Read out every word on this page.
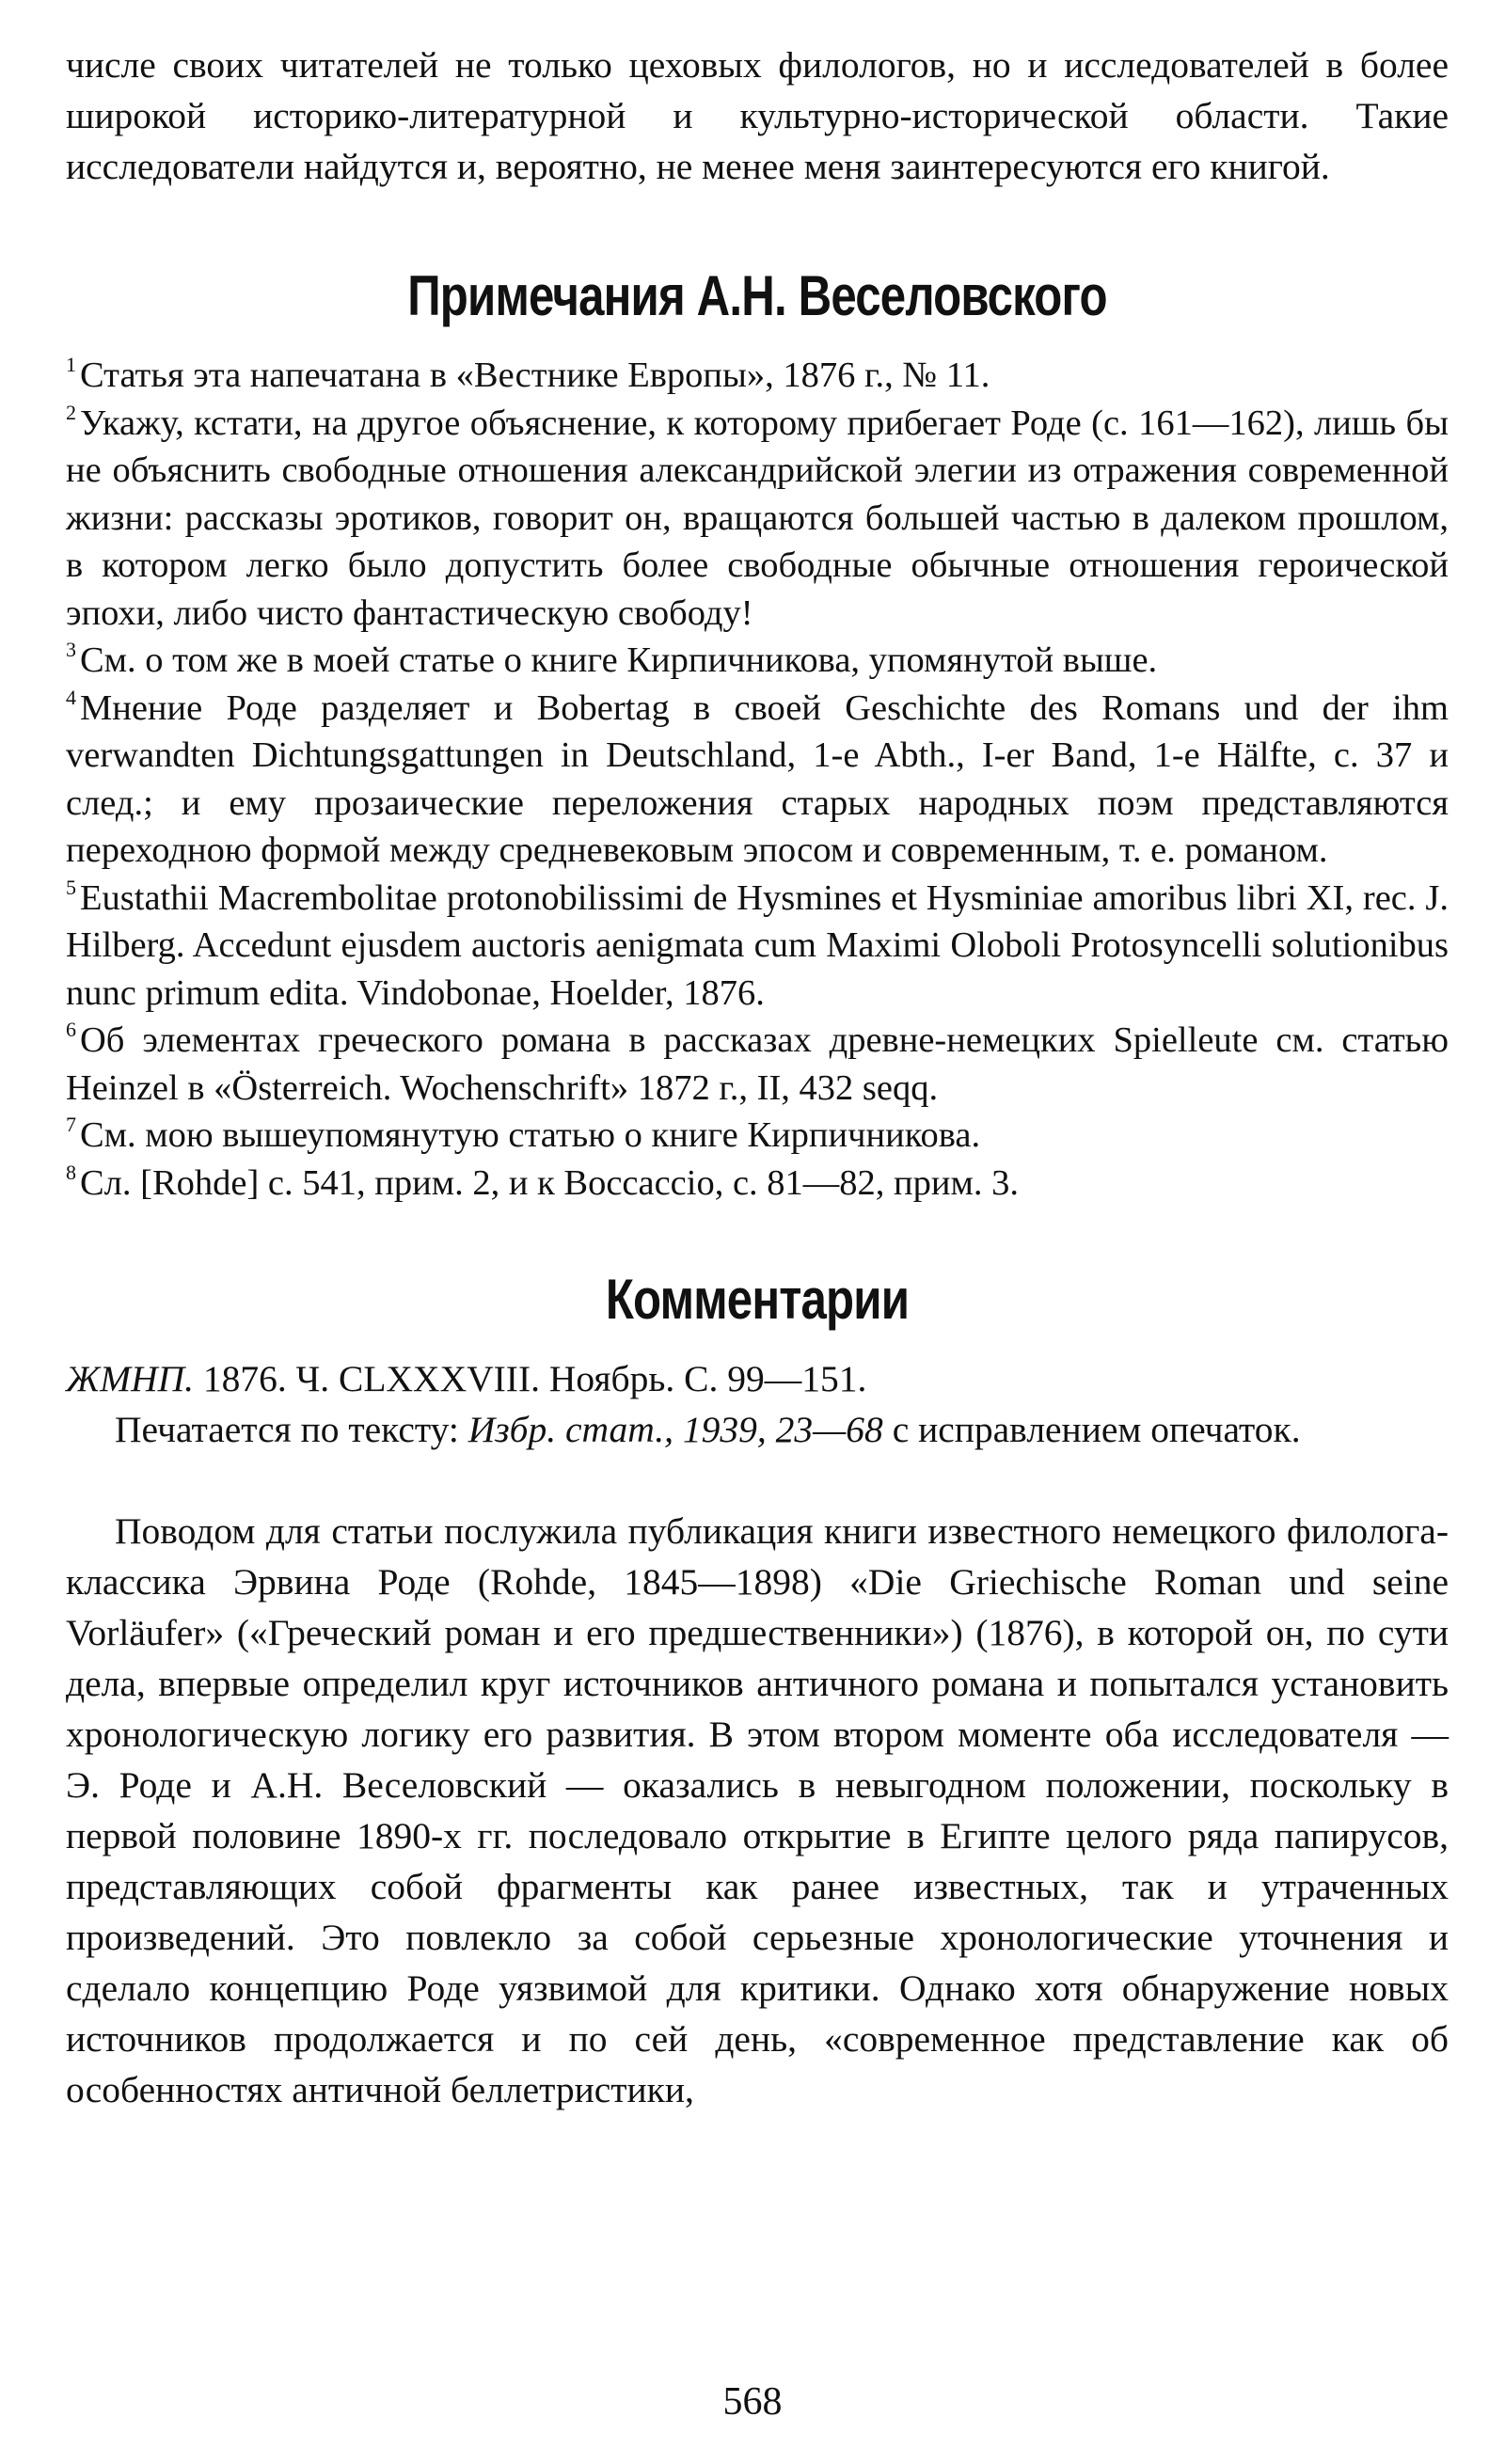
числе своих читателей не только цеховых филологов, но и исследователей в более широкой историко-литературной и культурно-исторической области. Такие исследователи найдутся и, вероятно, не менее меня заинтересуются его книгой.

Примечания А.Н. Веселовского

$^1$ Статья эта напечатана в «Вестнике Европы», 1876 г., № 11.

$^2$ Укажу, кстати, на другое объяснение, к которому прибегает Роде (с. 161—162), лишь бы не объяснить свободные отношения александрийской элегии из отражения современной жизни: рассказы эротиков, говорит он, вращаются большей частью в далеком прошлом, в котором легко было допустить более свободные обычные отношения героической эпохи, либо чисто фантастическую свободу!

$^3$ См. о том же в моей статье о книге Кирпичникова, упомянутой выше.

$^4$ Мнение Роде разделяет и Bobertag в своей Geschichte des Romans und der ihm verwandten Dichtungsgattungen in Deutschland, 1-e Abth., I-er Band, 1-e Hälfte, с. 37 и след.; и ему прозаические переложения старых народных поэм представляются переходною формой между средневековым эпосом и современным, т. е. романом.

$^5$ Eustathii Macrembolitae protonobilissimi de Hysmines et Hysminiae amoribus libri XI, rec. J. Hilberg. Accedunt ejusdem auctoris aenigmata cum Maximi Oloboli Protosyncelli solutionibus nunc primum edita. Vindobonae, Hoelder, 1876.

$^6$ Об элементах греческого романа в рассказах древне-немецких Spielleute см. статью Heinzel в «Österreich. Wochenschrift» 1872 г., II, 432 seqq.

$^7$ См. мою вышеупомянутую статью о книге Кирпичникова.

$^8$ Сл. [Rohde] с. 541, прим. 2, и к Boccaccio, с. 81—82, прим. 3.

Комментарии

ЖМНП. 1876. Ч. CLXXXVIII. Ноябрь. С. 99—151.

Печатается по тексту: Избр. стат., 1939, 23—68 с исправлением опечаток.

Поводом для статьи послужила публикация книги известного немецкого филолога-классика Эрвина Роде (Rohde, 1845—1898) «Die Griechische Roman und seine Vorläufer» («Греческий роман и его предшественники») (1876), в которой он, по сути дела, впервые определил круг источников античного романа и попытался установить хронологическую логику его развития. В этом втором моменте оба исследователя — Э. Роде и А.Н. Веселовский — оказались в невыгодном положении, поскольку в первой половине 1890-х гг. последовало открытие в Египте целого ряда папирусов, представляющих собой фрагменты как ранее известных, так и утраченных произведений. Это повлекло за собой серьезные хронологические уточнения и сделало концепцию Роде уязвимой для критики. Однако хотя обнаружение новых источников продолжается и по сей день, «современное представление как об особенностях античной беллетристики,

568
